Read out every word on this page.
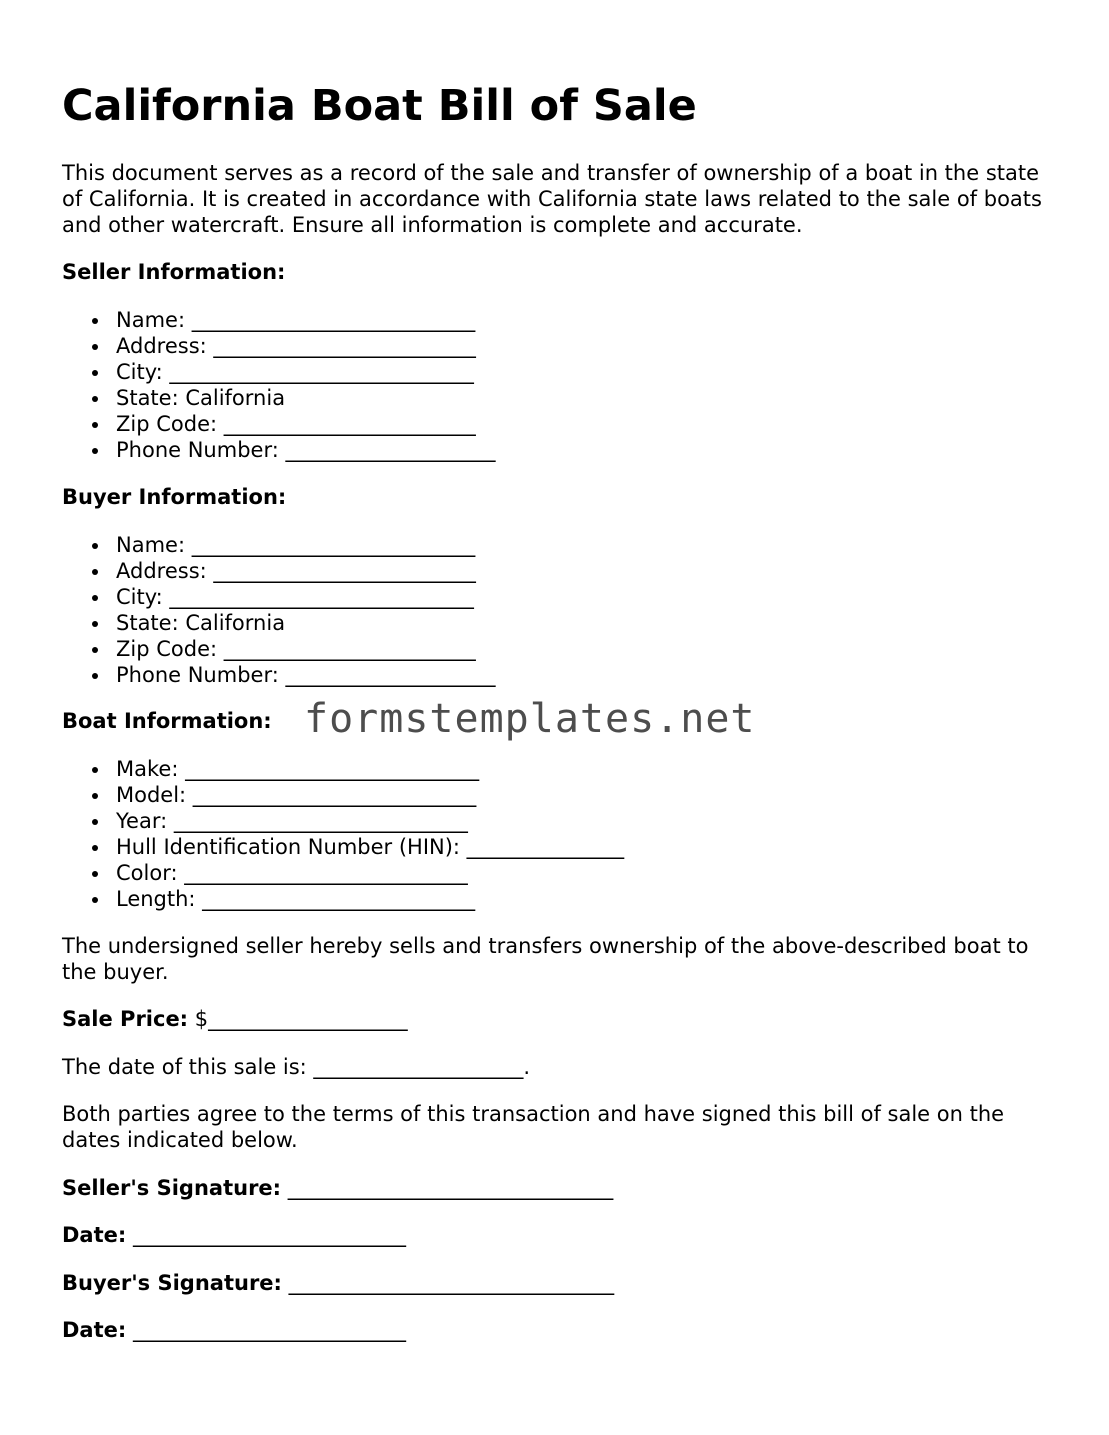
California Boat Bill of Sale

This document serves as a record of the sale and transfer of ownership of a boat in the state of California. It is created in accordance with California state laws related to the sale of boats and other watercraft. Ensure all information is complete and accurate.

Seller Information:

Name: ___________________________
Address: _________________________
City: _____________________________
State: California
Zip Code: ________________________
Phone Number: ____________________

Buyer Information:

Name: ___________________________
Address: _________________________
City: _____________________________
State: California
Zip Code: ________________________
Phone Number: ____________________

Boat Information:

Make: ____________________________
Model: ___________________________
Year: ____________________________
Hull Identification Number (HIN): _______________
Color: ___________________________
Length: __________________________

The undersigned seller hereby sells and transfers ownership of the above-described boat to the buyer.

Sale Price: $___________________

The date of this sale is: ____________________.

Both parties agree to the terms of this transaction and have signed this bill of sale on the dates indicated below.

Seller's Signature: _______________________________

Date: __________________________

Buyer's Signature: _______________________________

Date: __________________________

formstemplates.net
